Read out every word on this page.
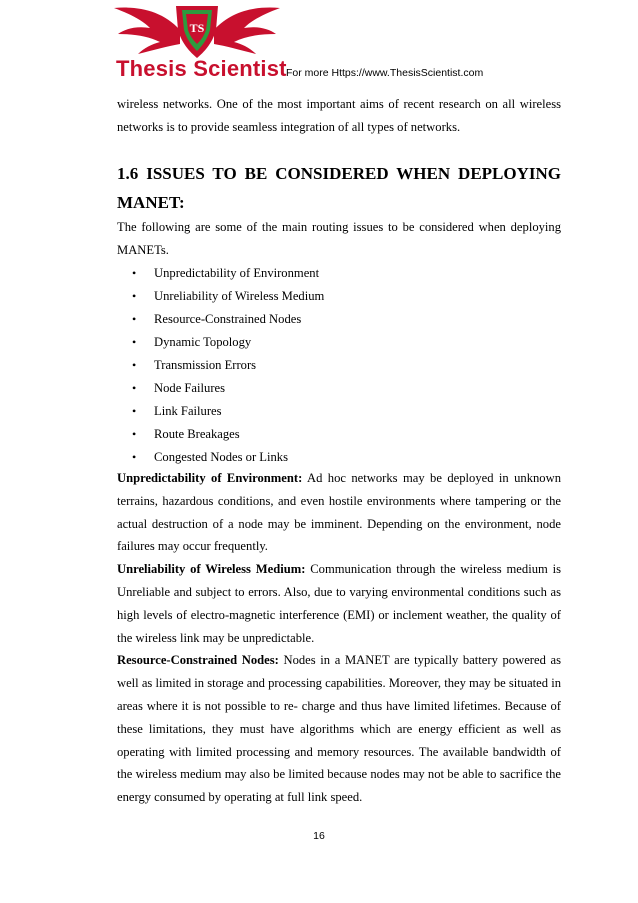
TS
Thesis Scientist For more Https://www.ThesisScientist.com
wireless networks. One of the most important aims of recent research on all wireless networks is to provide seamless integration of all types of networks.
1.6 ISSUES TO BE CONSIDERED WHEN DEPLOYING MANET:
The following are some of the main routing issues to be considered when deploying MANETs.
• Unpredictability of Environment
• Unreliability of Wireless Medium
• Resource-Constrained Nodes
• Dynamic Topology
• Transmission Errors
• Node Failures
• Link Failures
• Route Breakages
• Congested Nodes or Links

Unpredictability of Environment: Ad hoc networks may be deployed in unknown terrains, hazardous conditions, and even hostile environments where tampering or the actual destruction of a node may be imminent. Depending on the environment, node failures may occur frequently.

Unreliability of Wireless Medium: Communication through the wireless medium is Unreliable and subject to errors. Also, due to varying environmental conditions such as high levels of electro-magnetic interference (EMI) or inclement weather, the quality of the wireless link may be unpredictable.

Resource-Constrained Nodes: Nodes in a MANET are typically battery powered as well as limited in storage and processing capabilities. Moreover, they may be situated in areas where it is not possible to re- charge and thus have limited lifetimes. Because of these limitations, they must have algorithms which are energy efficient as well as operating with limited processing and memory resources. The available bandwidth of the wireless medium may also be limited because nodes may not be able to sacrifice the energy consumed by operating at full link speed.

16
